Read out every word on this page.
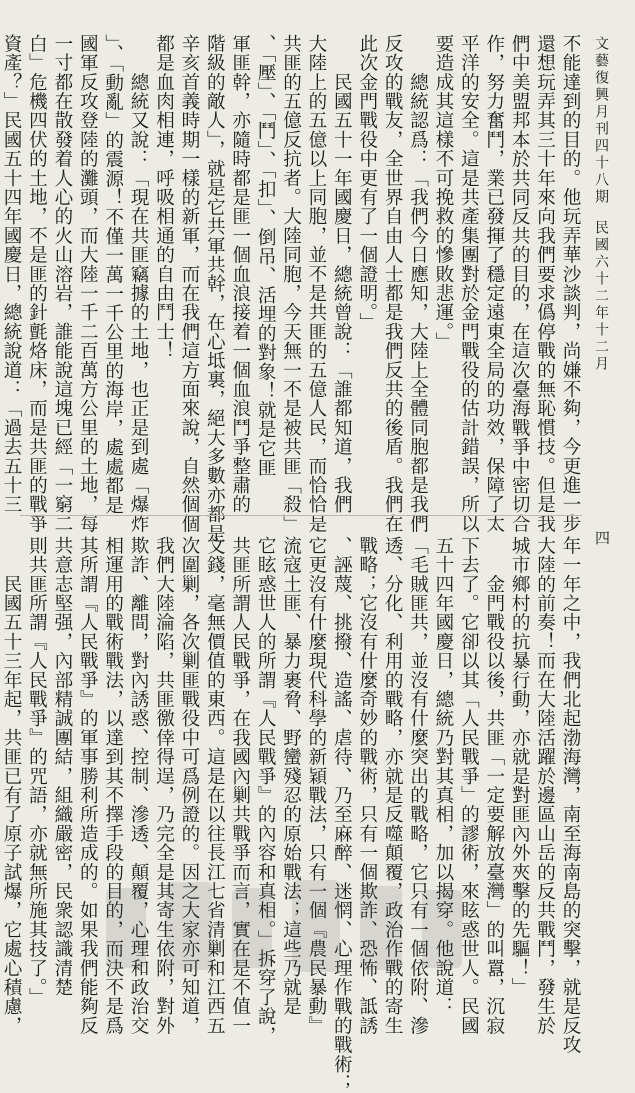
文藝復興月刊四十八期民國六十二年十二月
四
不能達到的目的。他玩弄華沙談判，尚嫌不夠，今更進一步
還想玩弄其三十年來向我們要求僞停戰的無恥慣技。但是我
們中美盟邦本於共同反共的目的，在這次臺海戰爭中密切合
作，努力奮鬥，業已發揮了穩定遠東全局的功效，保障了太
平洋的安全。這是共產集團對於金門戰役的估計錯誤，所以
要造成其這樣不可挽救的慘敗悲運。」
　　總統認爲：「我們今日應知，大陸上全體同胞都是我們
反攻的戰友，全世界自由人士都是我們反共的後盾。我們在
此次金門戰役中更有了一個證明。」
　　民國五十一年國慶日，總統曾說：「誰都知道，我們
大陸上的五億以上同胞，並不是共匪的五億人民，而恰恰是
共匪的五億反抗者。大陸同胞，今天無一不是被共匪「殺」
、「壓」、「鬥」、「扣」、倒吊、活埋的對象！就是它匪
軍匪幹，亦隨時都是匪一個血浪接着一個血浪鬥爭整肅的
階級的敵人」，就是它共軍共幹，在心坻裏，絕大多數亦都是
辛亥首義時期一樣的新軍，而在我們這方面來說，自然個個
都是血肉相連，呼吸相通的自由鬥士！
　　總統又說：「現在共匪竊據的土地，也正是到處「爆炸
」、「動亂」的震源！不僅一萬一千公里的海岸，處處都是
國軍反攻登陸的灘頭，而大陸一千二百萬方公里的土地，每
一寸都在散發着人心的火山溶岩，誰能說這塊已經「一窮二
白」危機四伏的土地，不是匪的針氈烙床，而是共匪的戰爭
資產？」民國五十四年國慶日，總統說道：「過去五十三
年一年之中，我們北起渤海灣，南至海南島的突擊，就是反攻
大陸的前奏！而在大陸活躍於邊區山岳的反共戰鬥，發生於
城市鄉村的抗暴行動，亦就是對匪內外夾擊的先驅！」
　　金門戰役以後，共匪「一定要解放臺灣」的叫囂，沉寂
下去了。它卻以其「人民戰爭」的謬術，來眩惑世人。民國
五十四年國慶日，總統乃對其真相，加以揭穿。他說道：
「毛賊匪共，並沒有什麼突出的戰略，它只有一個依附、滲
透、分化、利用的戰略，亦就是反噬顛覆，政治作戰的寄生
戰略；它沒有什麼奇妙的戰術，只有一個欺詐、恐怖、詆誘
、誣蔑、挑撥、造謠、虐待、乃至麻醉、迷惘、心理作戰的戰術；
它更沒有什麼現代科學的新穎戰法，只有一個『農民暴動』
流寇土匪、暴力裹脅、野蠻殘忍的原始戰法；這些乃就是
它眩惑世人的所謂『人民戰爭』的內容和真相。」拆穿了說，
共匪所謂人民戰爭，在我國內剿共戰爭而言，實在是不值一
文錢，毫無價值的東西。這是在以往長江七省清剿和江西五
次圍剿，各次剿匪戰役中可爲例證的。因之大家亦可知道，
我們大陸淪陷，共匪徼倖得逞，乃完全是其寄生依附，對外
欺詐、離間，對內誘惑、控制、滲透、顛覆，心理和政治交
相運用的戰術戰法，以達到其不擇手段的目的，而決不是爲
其所謂『人民戰爭』的軍事勝利所造成的。如果我們能夠反
共意志堅强，內部精誠團結，組織嚴密，民衆認識清楚
則共匪所謂『人民戰爭』的咒語，亦就無所施其技了。」
　　民國五十三年起，共匪已有了原子試爆，它處心積慮，
